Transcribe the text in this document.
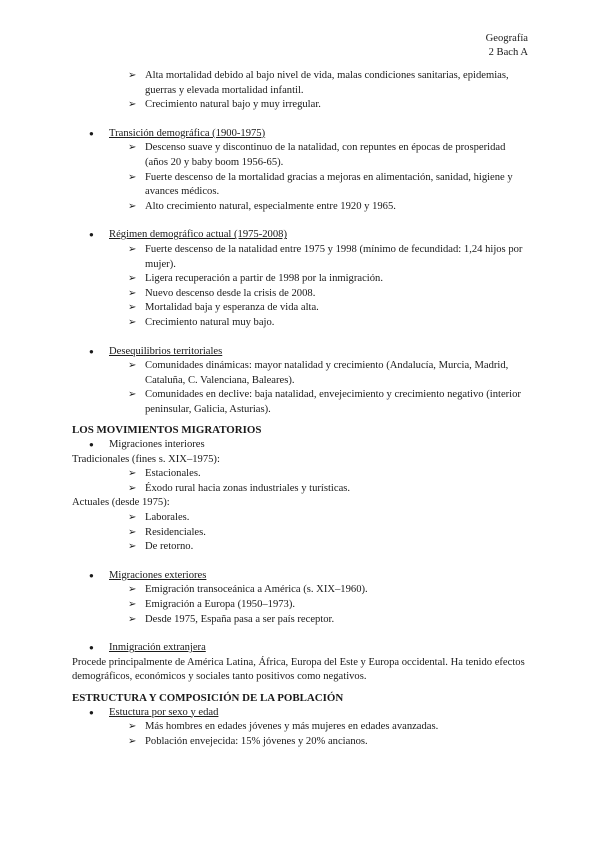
Geografía
2 Bach A
➢ Alta mortalidad debido al bajo nivel de vida, malas condiciones sanitarias, epidemias, guerras y elevada mortalidad infantil.
➢ Crecimiento natural bajo y muy irregular.
● Transición demográfica (1900-1975)
➢ Descenso suave y discontinuo de la natalidad, con repuntes en épocas de prosperidad (años 20 y baby boom 1956-65).
➢ Fuerte descenso de la mortalidad gracias a mejoras en alimentación, sanidad, higiene y avances médicos.
➢ Alto crecimiento natural, especialmente entre 1920 y 1965.
● Régimen demográfico actual (1975-2008)
➢ Fuerte descenso de la natalidad entre 1975 y 1998 (mínimo de fecundidad: 1,24 hijos por mujer).
➢ Ligera recuperación a partir de 1998 por la inmigración.
➢ Nuevo descenso desde la crisis de 2008.
➢ Mortalidad baja y esperanza de vida alta.
➢ Crecimiento natural muy bajo.
● Desequilibrios territoriales
➢ Comunidades dinámicas: mayor natalidad y crecimiento (Andalucía, Murcia, Madrid, Cataluña, C. Valenciana, Baleares).
➢ Comunidades en declive: baja natalidad, envejecimiento y crecimiento negativo (interior peninsular, Galicia, Asturias).
LOS MOVIMIENTOS MIGRATORIOS
● Migraciones interiores
Tradicionales (fines s. XIX–1975):
➢ Estacionales.
➢ Éxodo rural hacia zonas industriales y turísticas.
Actuales (desde 1975):
➢ Laborales.
➢ Residenciales.
➢ De retorno.
● Migraciones exteriores
➢ Emigración transoceánica a América (s. XIX–1960).
➢ Emigración a Europa (1950–1973).
➢ Desde 1975, España pasa a ser país receptor.
● Inmigración extranjera
Procede principalmente de América Latina, África, Europa del Este y Europa occidental. Ha tenido efectos demográficos, económicos y sociales tanto positivos como negativos.
ESTRUCTURA Y COMPOSICIÓN DE LA POBLACIÓN
● Estuctura por sexo y edad
➢ Más hombres en edades jóvenes y más mujeres en edades avanzadas.
➢ Población envejecida: 15% jóvenes y 20% ancianos.
